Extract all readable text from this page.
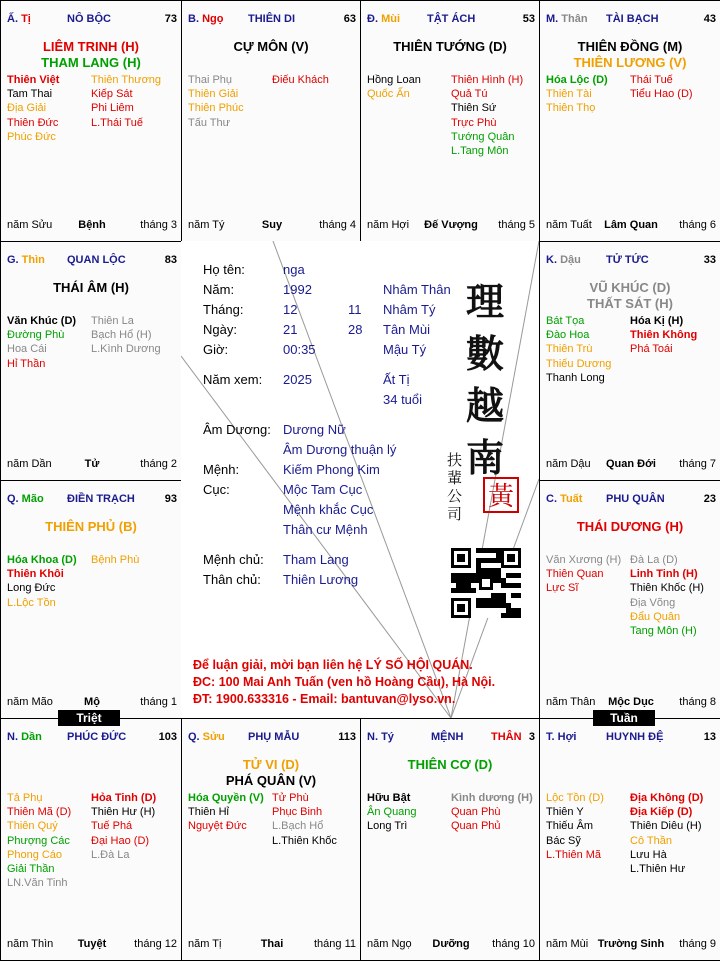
Ấ. Tị	NÔ BỘC	73
LIÊM TRINH (H)
THAM LANG (H)
Thiên Việt
Tam Thai
Địa Giải
Thiên Đức
Phúc Đức
Thiên Thương
Kiếp Sát
Phi Liêm
L.Thái Tuế
năm Sửu	Bệnh	tháng 3
B. Ngọ THIÊN DI	63
CỰ MÔN (V)
Thai Phụ
Thiên Giải
Thiên Phúc
Tấu Thư
Điếu Khách
năm Tý	Suy	tháng 4
Đ. Mùi TẬT ÁCH	53
THIÊN TƯỚNG (D)
Hồng Loan
Quốc Ấn
Thiên Hình (H)
Quả Tú
Thiên Sứ
Trực Phù
Tướng Quân
L.Tang Môn
năm Hợi	Đế Vượng	tháng 5
M. Thân TÀI BẠCH	43
THIÊN ĐỒNG (M)
THIÊN LƯƠNG (V)
Hóa Lộc (D)
Thiên Tài
Thiên Thọ
Thái Tuế
Tiểu Hao (D)
năm Tuất	Lâm Quan	tháng 6
G. Thìn QUAN LỘC	83
THÁI ÂM (H)
Văn Khúc (D)
Đường Phù
Hoa Cái
Hỉ Thần
Thiên La
Bạch Hổ (H)
L.Kình Dương
năm Dần	Tử	tháng 2
K. Dậu TỬ TỨC	33
VŨ KHÚC (D)
THẤT SÁT (H)
Bát Tọa
Đào Hoa
Thiên Trù
Thiếu Dương
Thanh Long
Hóa Kị (H)
Thiên Không
Phá Toái
năm Dậu	Quan Đới	tháng 7
Q. Mão ĐIỀN TRẠCH	93
THIÊN PHỦ (B)
Hóa Khoa (D)
Thiên Khôi
Long Đức
L.Lộc Tồn
Bệnh Phù
năm Mão	Mộ	tháng 1
C. Tuất PHU QUÂN	23
THÁI DƯƠNG (H)
Văn Xương (H)
Thiên Quan
Lực Sĩ
Đà La (D)
Linh Tinh (H)
Thiên Khốc (H)
Địa Võng
Đẩu Quân
Tang Môn (H)
năm Thân	Mộc Dục	tháng 8
N. Dần PHÚC ĐỨC	103
Tả Phụ
Thiên Mã (D)
Thiên Quý
Phượng Các
Phong Cáo
Giải Thần
LN.Văn Tinh
Hỏa Tinh (D)
Thiên Hư (H)
Tuế Phá
Đại Hao (D)
L.Đà La
năm Thìn	Tuyệt	tháng 12
Q. Sửu PHỤ MẪU	113
TỬ VI (D)
PHÁ QUÂN (V)
Hóa Quyền (V)
Thiên Hỉ
Nguyệt Đức
Tử Phù
Phục Binh
L.Bạch Hổ
L.Thiên Khốc
năm Tị	Thai	tháng 11
N. Tý	MỆNH	THÂN 3
THIÊN CƠ (D)
Hữu Bật
Ân Quang
Long Trì
Kình dương (H)
Quan Phù
Quan Phủ
năm Ngọ	Dưỡng	tháng 10
T. Hợi	HUYNH ĐỆ	13
Lộc Tồn (D)
Thiên Y
Thiếu Âm
Bác Sỹ
L.Thiên Mã
Địa Không (D)
Địa Kiếp (D)
Thiên Diêu (H)
Cô Thần
Lưu Hà
L.Thiên Hư
năm Mùi Trường Sinh	tháng 9
Họ tên:	nga
Năm:	1992	Nhâm Thân
Tháng:	12	11 Nhâm Tý
Ngày:	21	28 Tân Mùi
Giờ:	00:35	Mậu Tý
Năm xem: 2025	Ất Tị
34 tuổi
Âm Dương: Dương Nữ
Âm Dương thuận lý
Mệnh:	Kiếm Phong Kim
Cục:	Mộc Tam Cục
Mệnh khắc Cục
Thân cư Mệnh
Mệnh chủ: Tham Lang
Thân chủ: Thiên Lương
理
數
越
南
扶
輩
公
司
黃
Để luận giải, mời bạn liên hệ LÝ SỐ HỘI QUÁN.
ĐC: 100 Mai Anh Tuấn (ven hồ Hoàng Cầu), Hà Nội.
ĐT: 1900.633316 - Email: bantuvan@lyso.vn.
Triệt	Tuần
